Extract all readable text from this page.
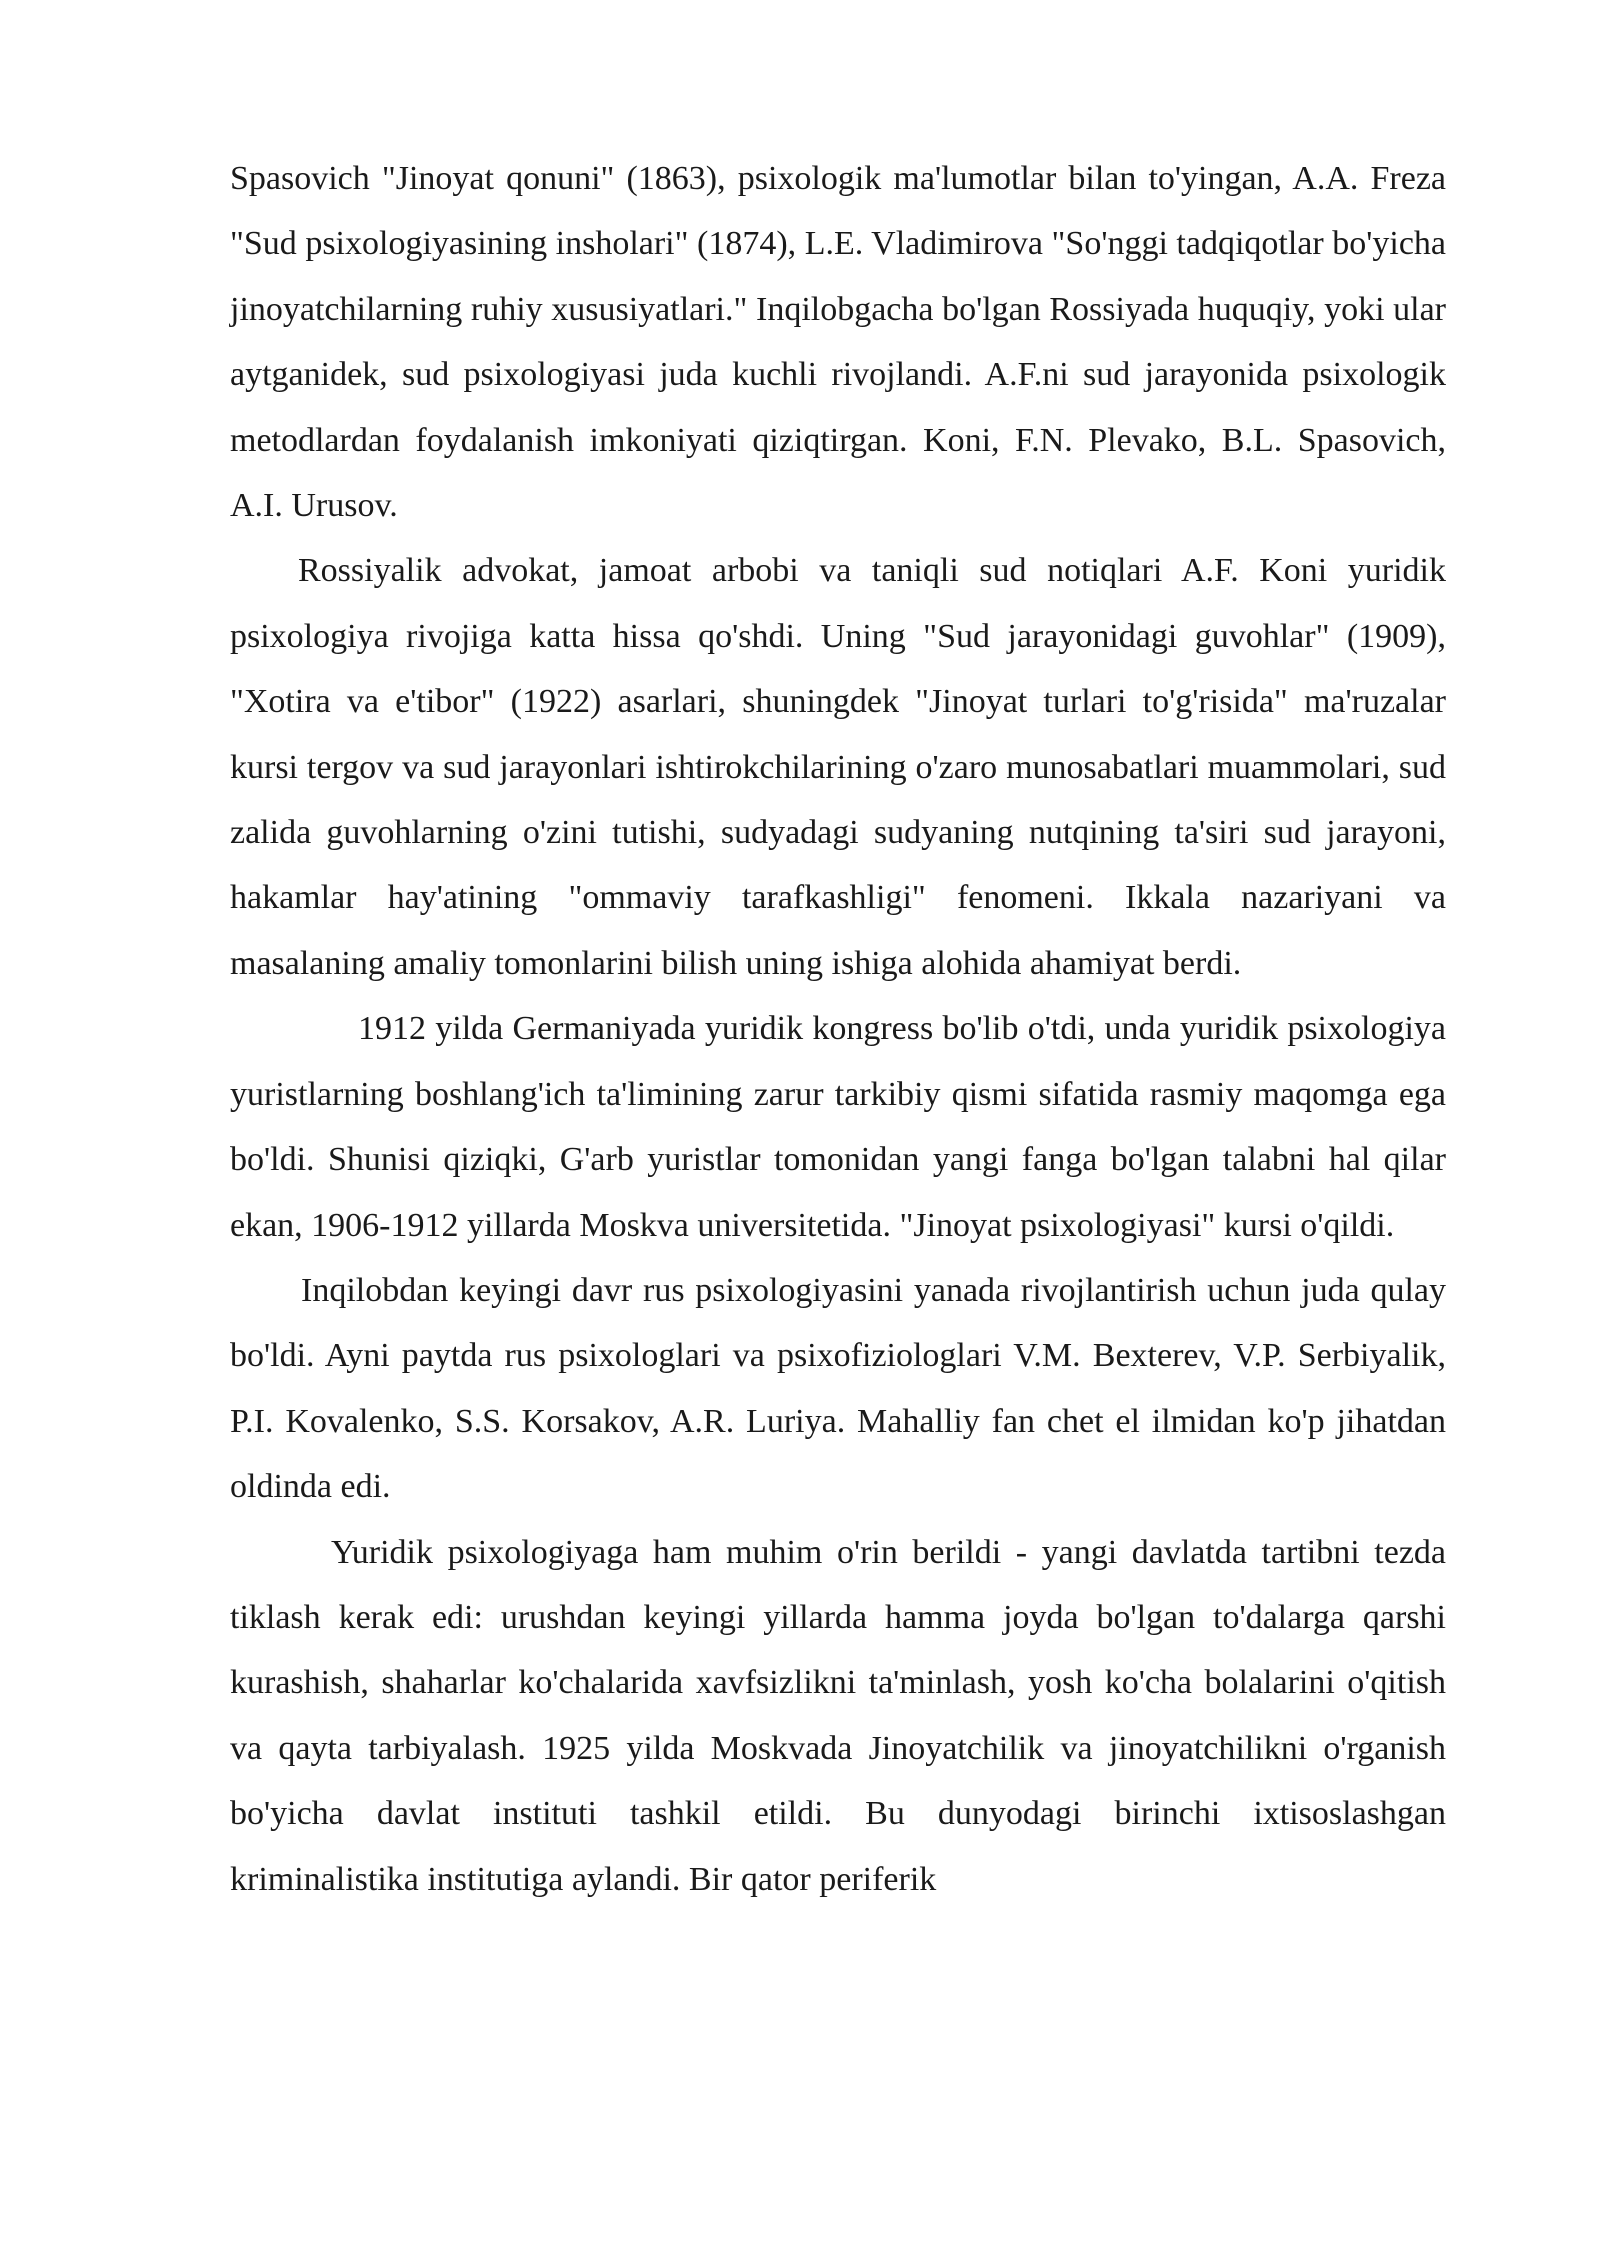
Spasovich "Jinoyat qonuni" (1863), psixologik ma'lumotlar bilan to'yingan, A.A. Freza "Sud psixologiyasining insholari" (1874), L.E. Vladimirova "So'nggi tadqiqotlar bo'yicha jinoyatchilarning ruhiy xususiyatlari." Inqilobgacha bo'lgan Rossiyada huquqiy, yoki ular aytganidek, sud psixologiyasi juda kuchli rivojlandi. A.F.ni sud jarayonida psixologik metodlardan foydalanish imkoniyati qiziqtirgan. Koni, F.N. Plevako, B.L. Spasovich, A.I. Urusov.

Rossiyalik advokat, jamoat arbobi va taniqli sud notiqlari A.F. Koni yuridik psixologiya rivojiga katta hissa qo'shdi. Uning "Sud jarayonidagi guvohlar" (1909), "Xotira va e'tibor" (1922) asarlari, shuningdek "Jinoyat turlari to'g'risida" ma'ruzalar kursi tergov va sud jarayonlari ishtirokchilarining o'zaro munosabatlari muammolari, sud zalida guvohlarning o'zini tutishi, sudyadagi sudyaning nutqining ta'siri sud jarayoni, hakamlar hay'atining "ommaviy tarafkashligi" fenomeni. Ikkala nazariyani va masalaning amaliy tomonlarini bilish uning ishiga alohida ahamiyat berdi.

1912 yilda Germaniyada yuridik kongress bo'lib o'tdi, unda yuridik psixologiya yuristlarning boshlang'ich ta'limining zarur tarkibiy qismi sifatida rasmiy maqomga ega bo'ldi. Shunisi qiziqki, G'arb yuristlar tomonidan yangi fanga bo'lgan talabni hal qilar ekan, 1906-1912 yillarda Moskva universitetida. "Jinoyat psixologiyasi" kursi o'qildi.

Inqilobdan keyingi davr rus psixologiyasini yanada rivojlantirish uchun juda qulay bo'ldi. Ayni paytda rus psixologlari va psixofiziologlari V.M. Bexterev, V.P. Serbiyalik, P.I. Kovalenko, S.S. Korsakov, A.R. Luriya. Mahalliy fan chet el ilmidan ko'p jihatdan oldinda edi.

Yuridik psixologiyaga ham muhim o'rin berildi - yangi davlatda tartibni tezda tiklash kerak edi: urushdan keyingi yillarda hamma joyda bo'lgan to'dalarga qarshi kurashish, shaharlar ko'chalarida xavfsizlikni ta'minlash, yosh ko'cha bolalarini o'qitish va qayta tarbiyalash. 1925 yilda Moskvada Jinoyatchilik va jinoyatchilikni o'rganish bo'yicha davlat instituti tashkil etildi. Bu dunyodagi birinchi ixtisoslashgan kriminalistika institutiga aylandi. Bir qator periferik
